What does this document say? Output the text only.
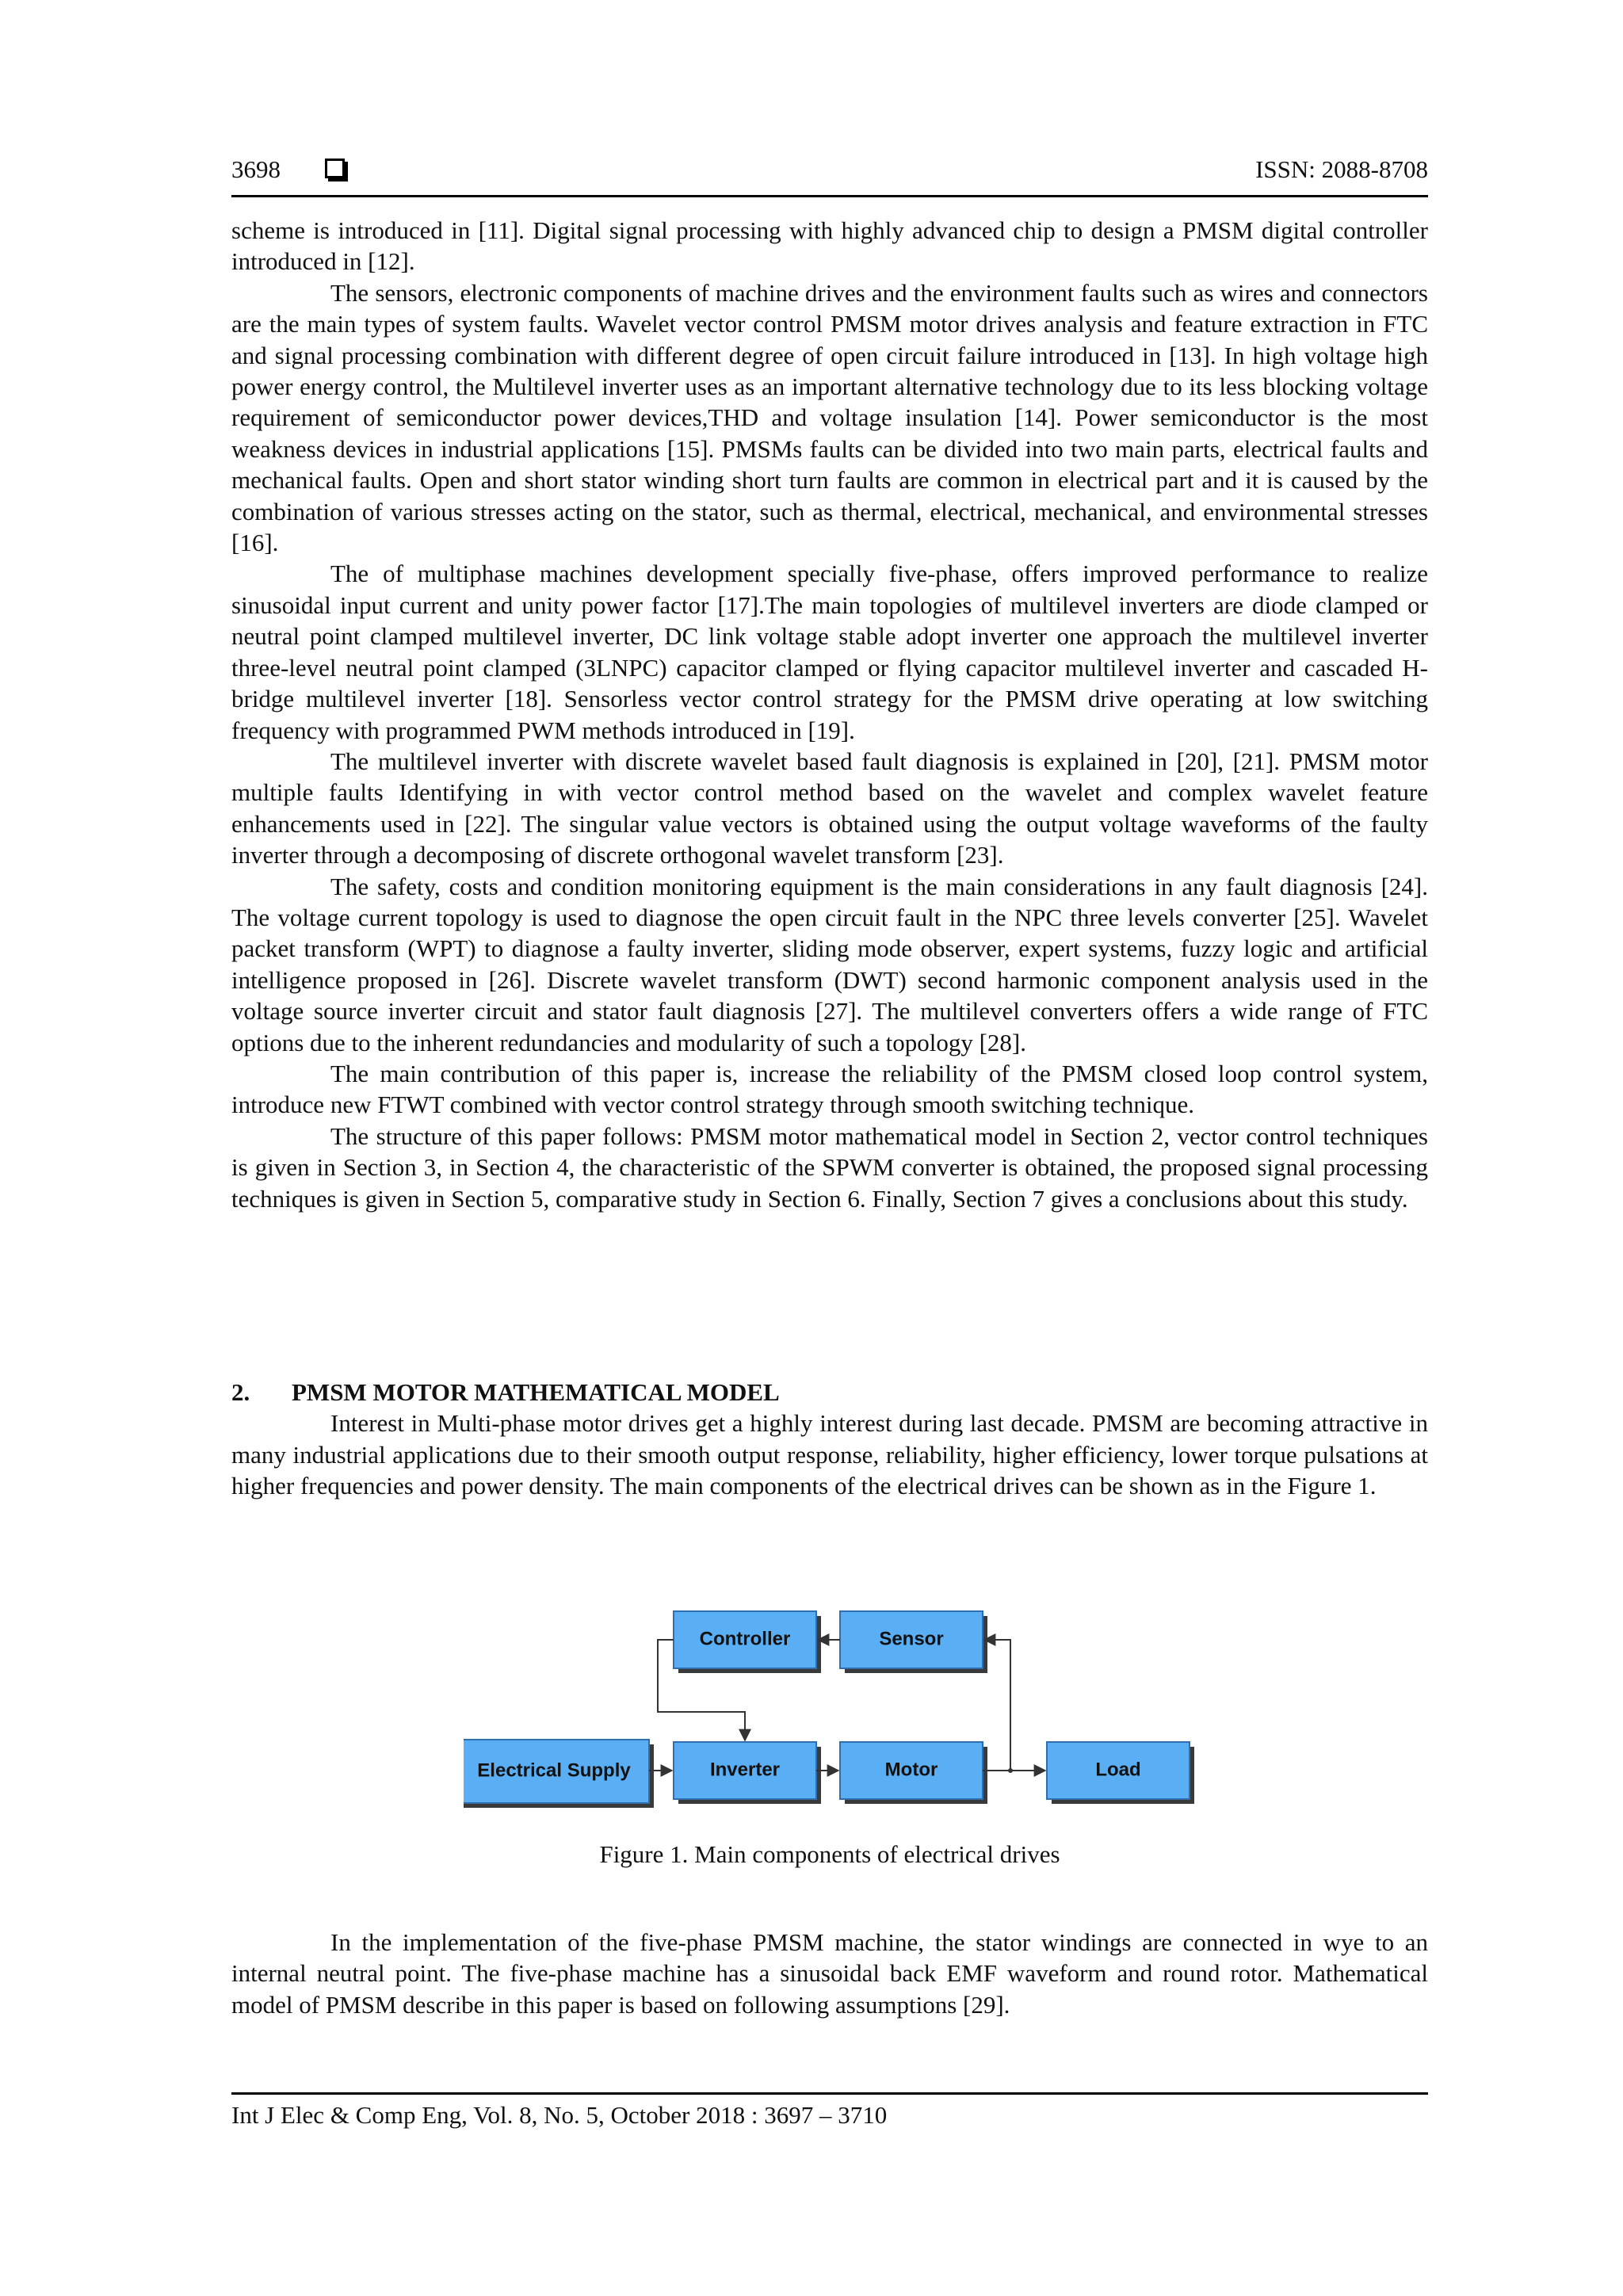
3698	ISSN: 2088-8708

scheme is introduced in [11]. Digital signal processing with highly advanced chip to design a PMSM digital controller introduced in [12].

The sensors, electronic components of machine drives and the environment faults such as wires and connectors are the main types of system faults. Wavelet vector control PMSM motor drives analysis and feature extraction in FTC and signal processing combination with different degree of open circuit failure introduced in [13]. In high voltage high power energy control, the Multilevel inverter uses as an important alternative technology due to its less blocking voltage requirement of semiconductor power devices,THD and voltage insulation [14]. Power semiconductor is the most weakness devices in industrial applications [15]. PMSMs faults can be divided into two main parts, electrical faults and mechanical faults. Open and short stator winding short turn faults are common in electrical part and it is caused by the combination of various stresses acting on the stator, such as thermal, electrical, mechanical, and environmental stresses [16].

The of multiphase machines development specially five-phase, offers improved performance to realize sinusoidal input current and unity power factor [17].The main topologies of multilevel inverters are diode clamped or neutral point clamped multilevel inverter, DC link voltage stable adopt inverter one approach the multilevel inverter three-level neutral point clamped (3LNPC) capacitor clamped or flying capacitor multilevel inverter and cascaded H-bridge multilevel inverter [18]. Sensorless vector control strategy for the PMSM drive operating at low switching frequency with programmed PWM methods introduced in [19].

The multilevel inverter with discrete wavelet based fault diagnosis is explained in [20], [21]. PMSM motor multiple faults Identifying in with vector control method based on the wavelet and complex wavelet feature enhancements used in [22]. The singular value vectors is obtained using the output voltage waveforms of the faulty inverter through a decomposing of discrete orthogonal wavelet transform [23].

The safety, costs and condition monitoring equipment is the main considerations in any fault diagnosis [24]. The voltage current topology is used to diagnose the open circuit fault in the NPC three levels converter [25]. Wavelet packet transform (WPT) to diagnose a faulty inverter, sliding mode observer, expert systems, fuzzy logic and artificial intelligence proposed in [26]. Discrete wavelet transform (DWT) second harmonic component analysis used in the voltage source inverter circuit and stator fault diagnosis [27]. The multilevel converters offers a wide range of FTC options due to the inherent redundancies and modularity of such a topology [28].

The main contribution of this paper is, increase the reliability of the PMSM closed loop control system, introduce new FTWT combined with vector control strategy through smooth switching technique.

The structure of this paper follows: PMSM motor mathematical model in Section 2, vector control techniques is given in Section 3, in Section 4, the characteristic of the SPWM converter is obtained, the proposed signal processing techniques is given in Section 5, comparative study in Section 6. Finally, Section 7 gives a conclusions about this study.

2. PMSM MOTOR MATHEMATICAL MODEL

Interest in Multi-phase motor drives get a highly interest during last decade. PMSM are becoming attractive in many industrial applications due to their smooth output response, reliability, higher efficiency, lower torque pulsations at higher frequencies and power density. The main components of the electrical drives can be shown as in the Figure 1.

Controller	Sensor
Electrical Supply	Inverter	Motor	Load
Figure 1. Main components of electrical drives

In the implementation of the five-phase PMSM machine, the stator windings are connected in wye to an internal neutral point. The five-phase machine has a sinusoidal back EMF waveform and round rotor. Mathematical model of PMSM describe in this paper is based on following assumptions [29].

Int J Elec & Comp Eng, Vol. 8, No. 5, October 2018 : 3697 – 3710
